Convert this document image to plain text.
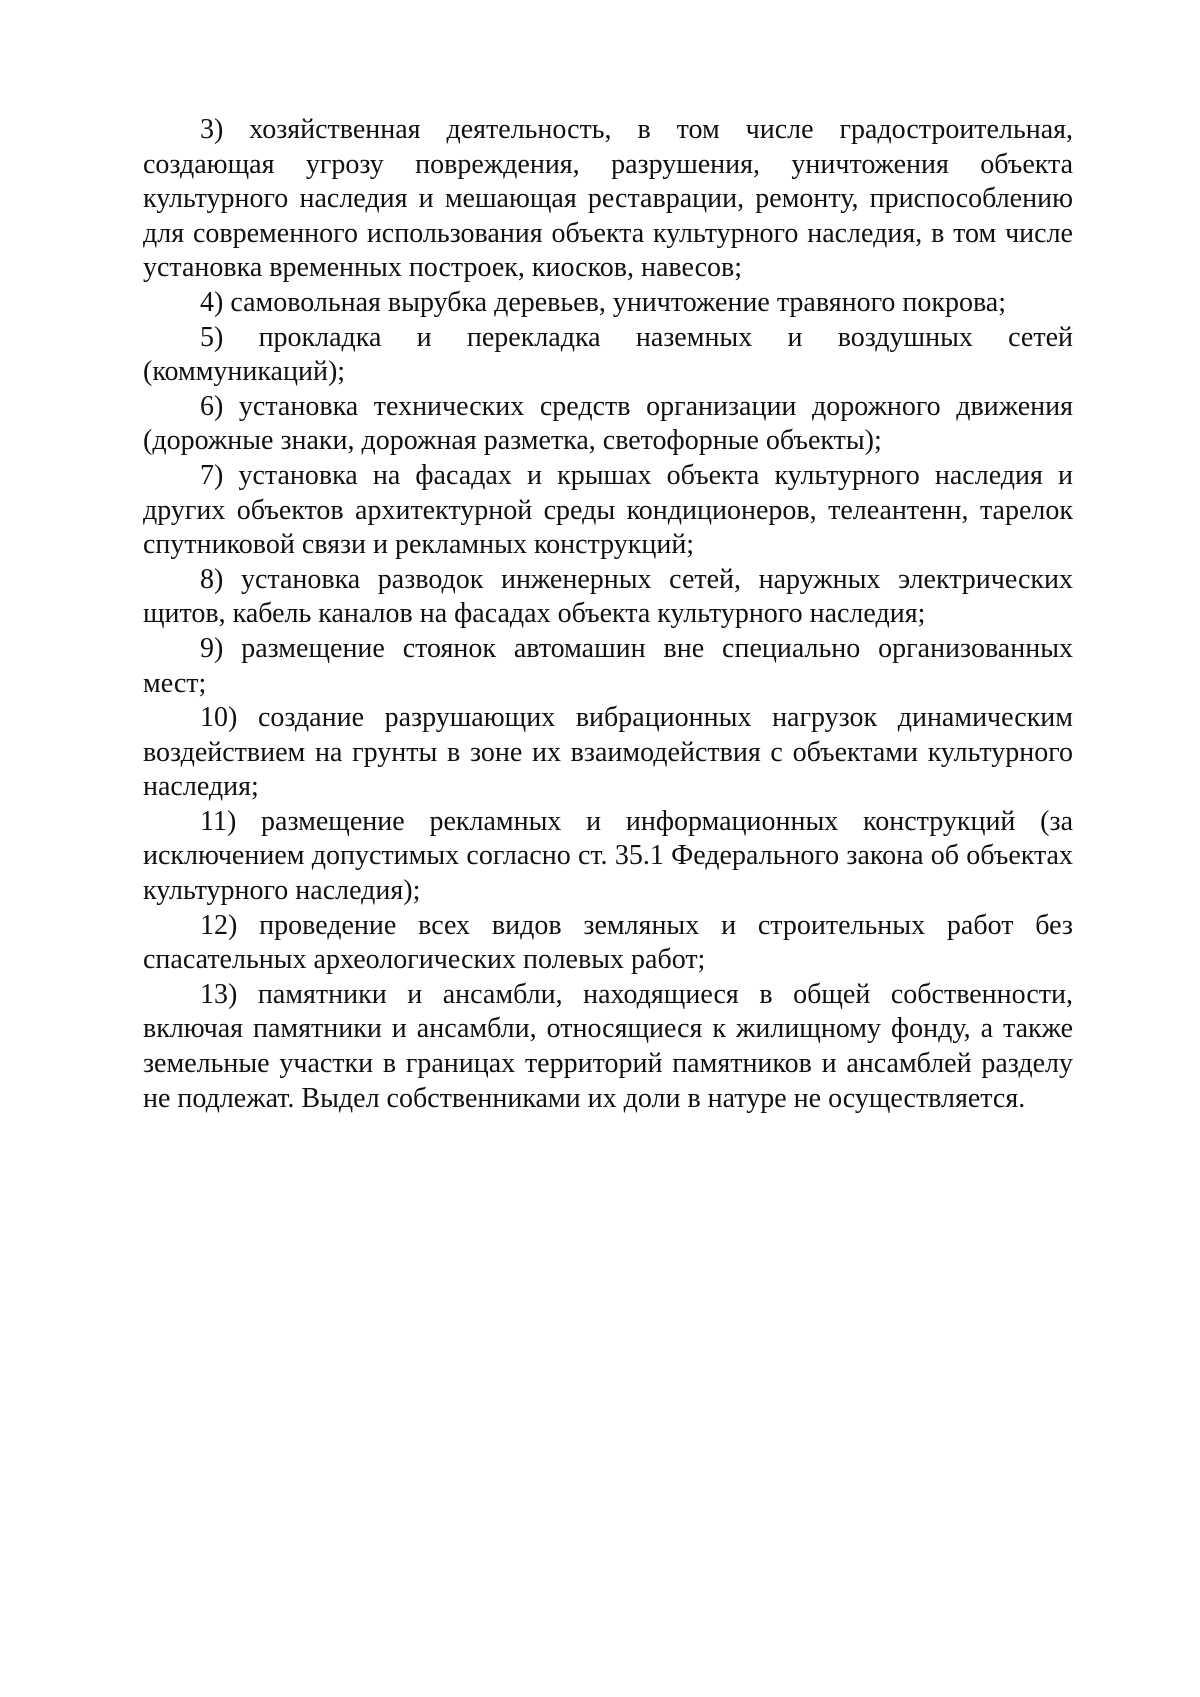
3) хозяйственная деятельность, в том числе градостроительная, создающая угрозу повреждения, разрушения, уничтожения объекта культурного наследия и мешающая реставрации, ремонту, приспособлению для современного использования объекта культурного наследия, в том числе установка временных построек, киосков, навесов;

4) самовольная вырубка деревьев, уничтожение травяного покрова;

5) прокладка и перекладка наземных и воздушных сетей (коммуникаций);

6) установка технических средств организации дорожного движения (дорожные знаки, дорожная разметка, светофорные объекты);

7) установка на фасадах и крышах объекта культурного наследия и других объектов архитектурной среды кондиционеров, телеантенн, тарелок спутниковой связи и рекламных конструкций;

8) установка разводок инженерных сетей, наружных электрических щитов, кабель каналов на фасадах объекта культурного наследия;

9) размещение стоянок автомашин вне специально организованных мест;

10) создание разрушающих вибрационных нагрузок динамическим воздействием на грунты в зоне их взаимодействия с объектами культурного наследия;

11) размещение рекламных и информационных конструкций (за исключением допустимых согласно ст. 35.1 Федерального закона об объектах культурного наследия);

12) проведение всех видов земляных и строительных работ без спасательных археологических полевых работ;

13) памятники и ансамбли, находящиеся в общей собственности, включая памятники и ансамбли, относящиеся к жилищному фонду, а также земельные участки в границах территорий памятников и ансамблей разделу не подлежат. Выдел собственниками их доли в натуре не осуществляется.
